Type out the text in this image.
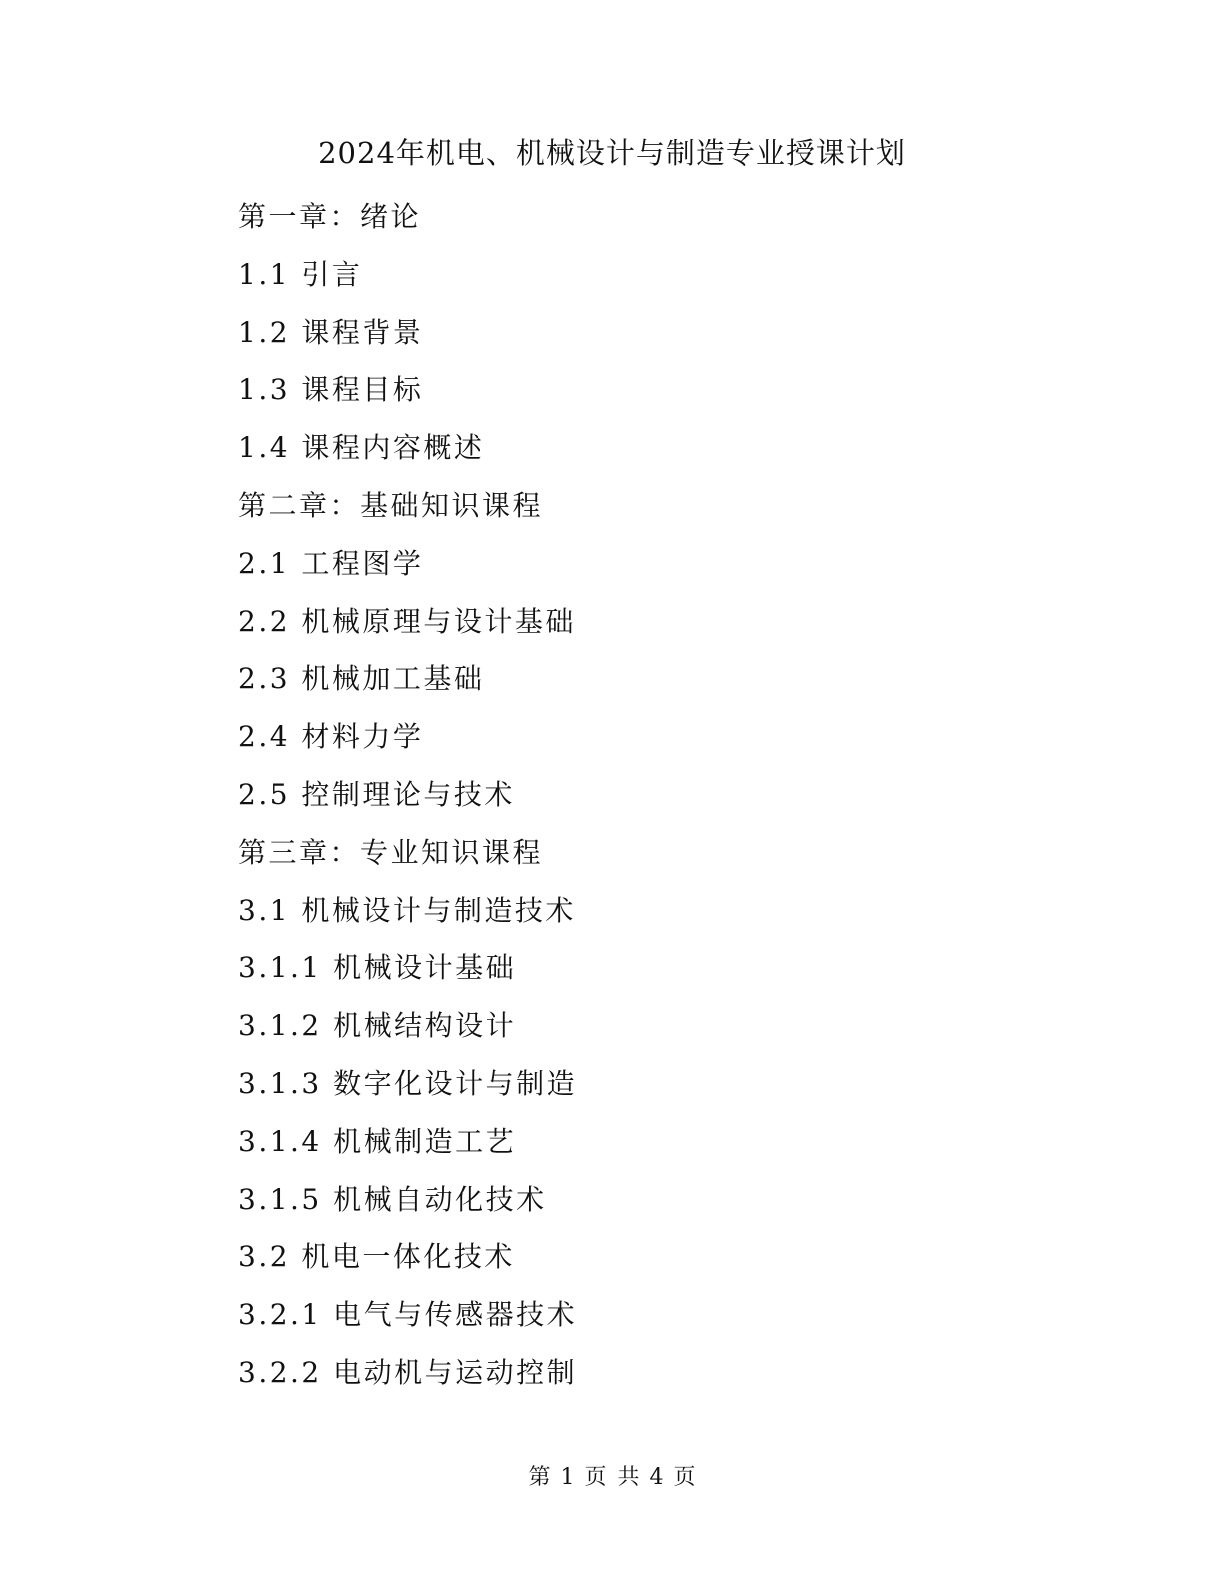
2024年机电、机械设计与制造专业授课计划
第一章：绪论
1.1 引言
1.2 课程背景
1.3 课程目标
1.4 课程内容概述
第二章：基础知识课程
2.1 工程图学
2.2 机械原理与设计基础
2.3 机械加工基础
2.4 材料力学
2.5 控制理论与技术
第三章：专业知识课程
3.1 机械设计与制造技术
3.1.1 机械设计基础
3.1.2 机械结构设计
3.1.3 数字化设计与制造
3.1.4 机械制造工艺
3.1.5 机械自动化技术
3.2 机电一体化技术
3.2.1 电气与传感器技术
3.2.2 电动机与运动控制
第 1 页 共 4 页
